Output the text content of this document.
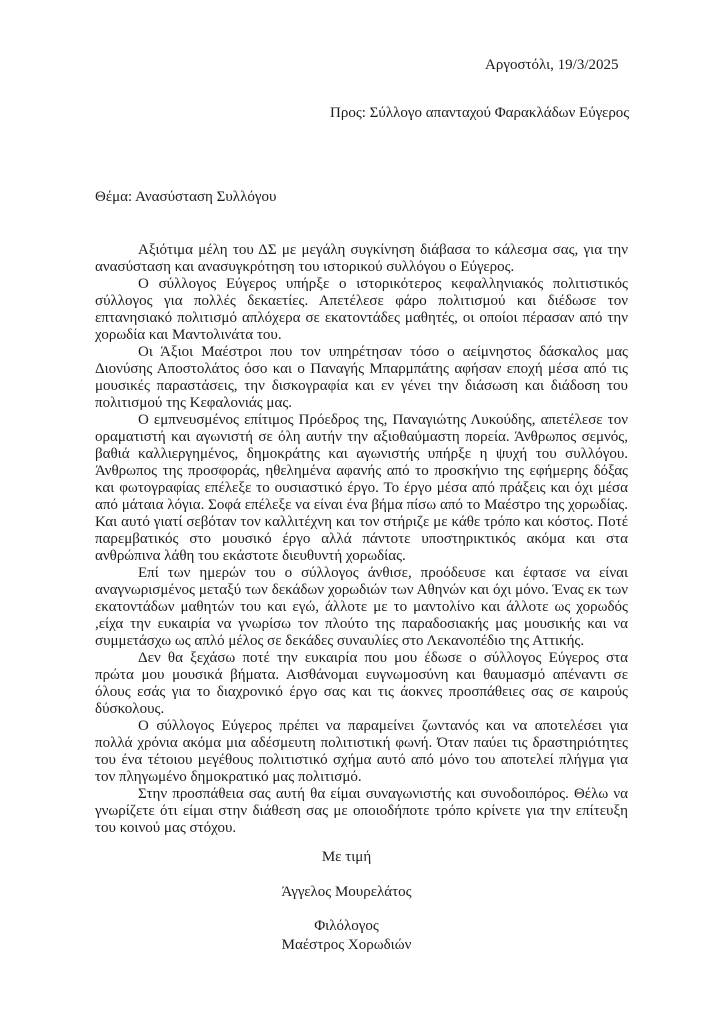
Αργοστόλι, 19/3/2025
Προς: Σύλλογο απανταχού Φαρακλάδων Εύγερος
Θέμα: Ανασύσταση Συλλόγου

Αξιότιμα μέλη του ΔΣ με μεγάλη συγκίνηση διάβασα το κάλεσμα σας, για την ανασύσταση και ανασυγκρότηση του ιστορικού συλλόγου ο Εύγερος.

Ο σύλλογος Εύγερος υπήρξε ο ιστορικότερος κεφαλληνιακός πολιτιστικός σύλλογος για πολλές δεκαετίες. Απετέλεσε φάρο πολιτισμού και διέδωσε τον επτανησιακό πολιτισμό απλόχερα σε εκατοντάδες μαθητές, οι οποίοι πέρασαν από την χορωδία και Μαντολινάτα του.

Οι Άξιοι Μαέστροι που τον υπηρέτησαν τόσο ο αείμνηστος δάσκαλος μας Διονύσης Αποστολάτος όσο και ο Παναγής Μπαρμπάτης αφήσαν εποχή μέσα από τις μουσικές παραστάσεις, την δισκογραφία και εν γένει την διάσωση και διάδοση του πολιτισμού της Κεφαλονιάς μας.

Ο εμπνευσμένος επίτιμος Πρόεδρος της, Παναγιώτης Λυκούδης, απετέλεσε τον οραματιστή και αγωνιστή σε όλη αυτήν την αξιοθαύμαστη πορεία. Άνθρωπος σεμνός, βαθιά καλλιεργημένος, δημοκράτης και αγωνιστής υπήρξε η ψυχή του συλλόγου. Άνθρωπος της προσφοράς, ηθελημένα αφανής από το προσκήνιο της εφήμερης δόξας και φωτογραφίας επέλεξε το ουσιαστικό έργο. Το έργο μέσα από πράξεις και όχι μέσα από μάταια λόγια. Σοφά επέλεξε να είναι ένα βήμα πίσω από το Μαέστρο της χορωδίας. Και αυτό γιατί σεβόταν τον καλλιτέχνη και τον στήριζε με κάθε τρόπο και κόστος. Ποτέ παρεμβατικός στο μουσικό έργο αλλά πάντοτε υποστηρικτικός ακόμα και στα ανθρώπινα λάθη του εκάστοτε διευθυντή χορωδίας.

Επί των ημερών του ο σύλλογος άνθισε, προόδευσε και έφτασε να είναι αναγνωρισμένος μεταξύ των δεκάδων χορωδιών των Αθηνών και όχι μόνο. Ένας εκ των εκατοντάδων μαθητών του και εγώ, άλλοτε με το μαντολίνο και άλλοτε ως χορωδός ,είχα την ευκαιρία να γνωρίσω τον πλούτο της παραδοσιακής μας μουσικής και να συμμετάσχω ως απλό μέλος σε δεκάδες συναυλίες στο Λεκανοπέδιο της Αττικής.

Δεν θα ξεχάσω ποτέ την ευκαιρία που μου έδωσε ο σύλλογος Εύγερος στα πρώτα μου μουσικά βήματα. Αισθάνομαι ευγνωμοσύνη και θαυμασμό απέναντι σε όλους εσάς για το διαχρονικό έργο σας και τις άοκνες προσπάθειες σας σε καιρούς δύσκολους.

Ο σύλλογος Εύγερος πρέπει να παραμείνει ζωντανός και να αποτελέσει για πολλά χρόνια ακόμα μια αδέσμευτη πολιτιστική φωνή. Όταν παύει τις δραστηριότητες του ένα τέτοιου μεγέθους πολιτιστικό σχήμα αυτό από μόνο του αποτελεί πλήγμα για τον πληγωμένο δημοκρατικό μας πολιτισμό.

Στην προσπάθεια σας αυτή θα είμαι συναγωνιστής και συνοδοιπόρος. Θέλω να γνωρίζετε ότι είμαι στην διάθεση σας με οποιοδήποτε τρόπο κρίνετε για την επίτευξη του κοινού μας στόχου.

Με τιμή
Άγγελος Μουρελάτος
Φιλόλογος
Μαέστρος Χορωδιών
